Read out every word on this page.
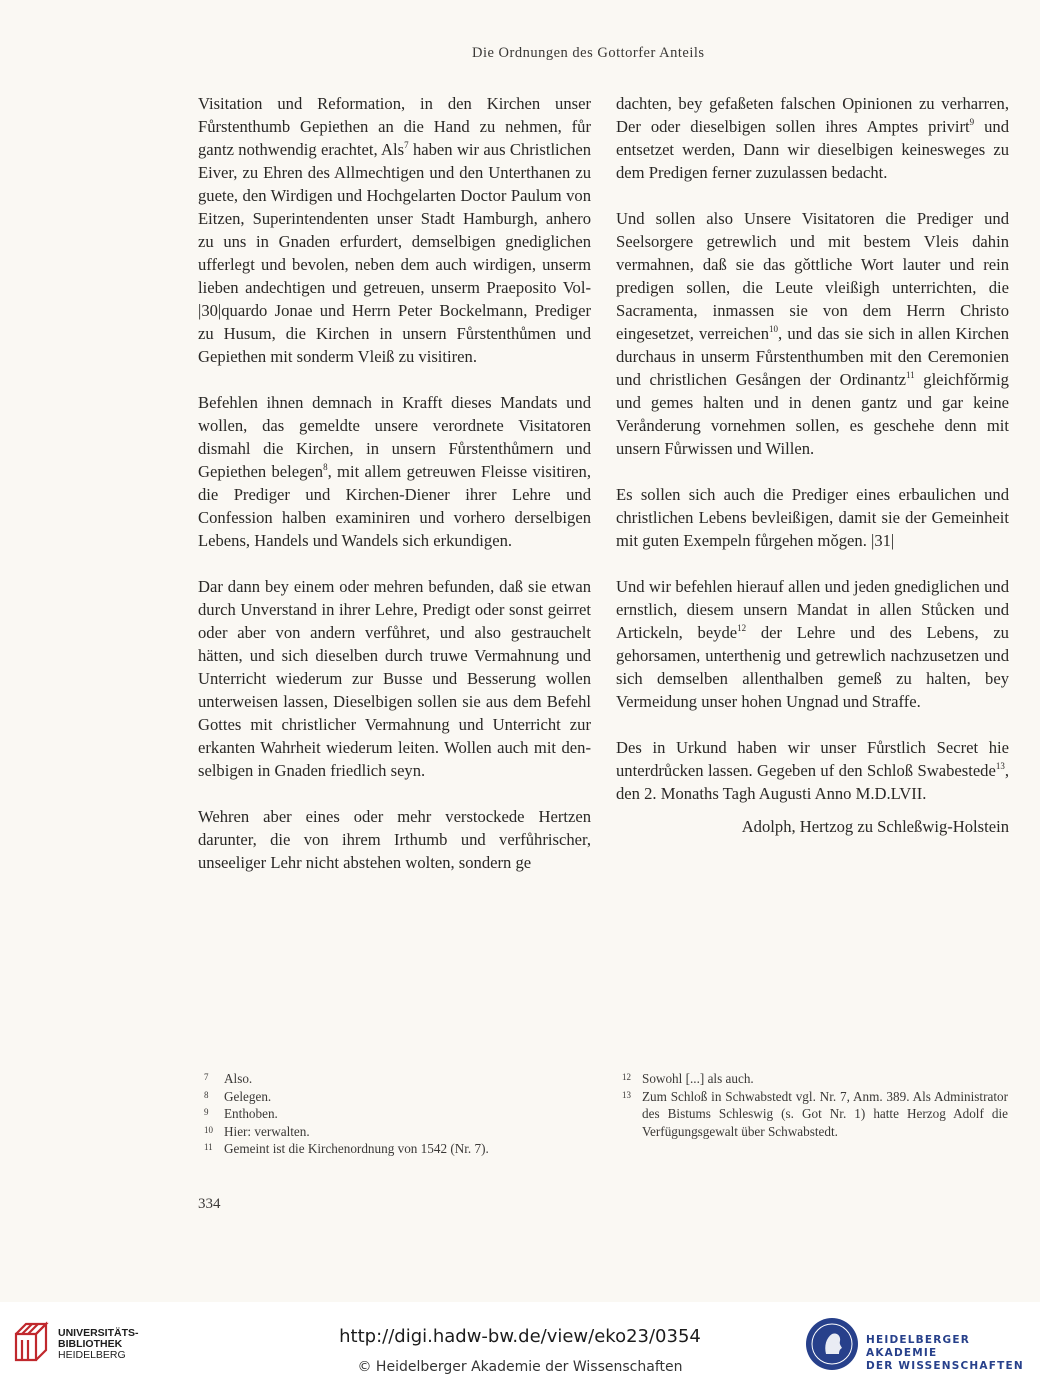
Die Ordnungen des Gottorfer Anteils

Visitation und Reformation, in den Kirchen unser Fůrstenthumb Gepiethen an die Hand zu nehmen, fůr gantz nothwendig erachtet, Als$^7$ haben wir aus Christlichen Eiver, zu Ehren des Allmechtigen und den Unterthanen zu guete, den Wirdigen und Hochgelarten Doctor Paulum von Eitzen, Superintendenten unser Stadt Hamburgh, anhero zu uns in Gnaden erfurdert, demselbigen gnediglichen ufferlegt und bevolen, neben dem auch wirdigen, unserm lieben andechtigen und getreuen, unserm Praeposito Vol-|30|quardo Jonae und Herrn Peter Bockelmann, Prediger zu Husum, die Kirchen in unsern Fůrstenthůmen und Gepiethen mit sonderm Vleiß zu visitiren.

Befehlen ihnen demnach in Krafft dieses Mandats und wollen, das gemeldte unsere verordnete Visitatoren dismahl die Kirchen, in unsern Fůrstenthůmern und Gepiethen belegen$^8$, mit allem getreuwen Fleisse visitiren, die Prediger und Kirchen-Diener ihrer Lehre und Confession halben examiniren und vorhero derselbigen Lebens, Handels und Wandels sich erkundigen.

Dar dann bey einem oder mehren befunden, daß sie etwan durch Unverstand in ihrer Lehre, Predigt oder sonst geirret oder aber von andern verfůhret, und also gestrauchelt hätten, und sich dieselben durch truwe Vermahnung und Unterricht wiederum zur Busse und Besserung wollen unterweisen lassen, Dieselbigen sollen sie aus dem Befehl Gottes mit christlicher Vermahnung und Unterricht zur erkanten Wahrheit wiederum leiten. Wollen auch mit denselbigen in Gnaden friedlich seyn.

Wehren aber eines oder mehr verstockede Hertzen darunter, die von ihrem Irthumb und verfůhrischer, unseeliger Lehr nicht abstehen wolten, sondern ge

dachten, bey gefaßeten falschen Opinionen zu verharren, Der oder dieselbigen sollen ihres Amptes privirt$^9$ und entsetzet werden, Dann wir dieselbigen keinesweges zu dem Predigen ferner zuzulassen bedacht.

Und sollen also Unsere Visitatoren die Prediger und Seelsorgere getrewlich und mit bestem Vleis dahin vermahnen, daß sie das gǒttliche Wort lauter und rein predigen sollen, die Leute vleißigh unterrichten, die Sacramenta, inmassen sie von dem Herrn Christo eingesetzet, verreichen$^{10}$, und das sie sich in allen Kirchen durchaus in unserm Fůrstenthumben mit den Ceremonien und christlichen Gesången der Ordinantz$^{11}$ gleichfǒrmig und gemes halten und in denen gantz und gar keine Verånderung vornehmen sollen, es geschehe denn mit unsern Fůrwissen und Willen.

Es sollen sich auch die Prediger eines erbaulichen und christlichen Lebens bevleißigen, damit sie der Gemeinheit mit guten Exempeln fůrgehen mǒgen. |31|

Und wir befehlen hierauf allen und jeden gnediglichen und ernstlich, diesem unsern Mandat in allen Stůcken und Artickeln, beyde$^{12}$ der Lehre und des Lebens, zu gehorsamen, unterthenig und getrewlich nachzusetzen und sich demselben allenthalben gemeß zu halten, bey Vermeidung unser hohen Ungnad und Straffe.

Des in Urkund haben wir unser Fůrstlich Secret hie unterdrůcken lassen. Gegeben uf den Schloß Swabestede$^{13}$, den 2. Monaths Tagh Augusti Anno M.D.LVII.

Adolph, Hertzog zu Schleßwig-Holstein
7	Also.
8	Gelegen.
9	Enthoben.
10 Hier: verwalten.
11 Gemeint ist die Kirchenordnung von 1542 (Nr. 7).
12 Sowohl [...] als auch.
13 Zum Schloß in Schwabstedt vgl. Nr. 7, Anm. 389. Als Administrator des Bistums Schleswig (s. Got Nr. 1) hatte Herzog Adolf die Verfügungsgewalt über Schwabstedt.
334
UNIVERSITÄTS-
BIBLIOTHEK
HEIDELBERG
http://digi.hadw-bw.de/view/eko23/0354
© Heidelberger Akademie der Wissenschaften
HEIDELBERGER AKADEMIE
DER WISSENSCHAFTEN
